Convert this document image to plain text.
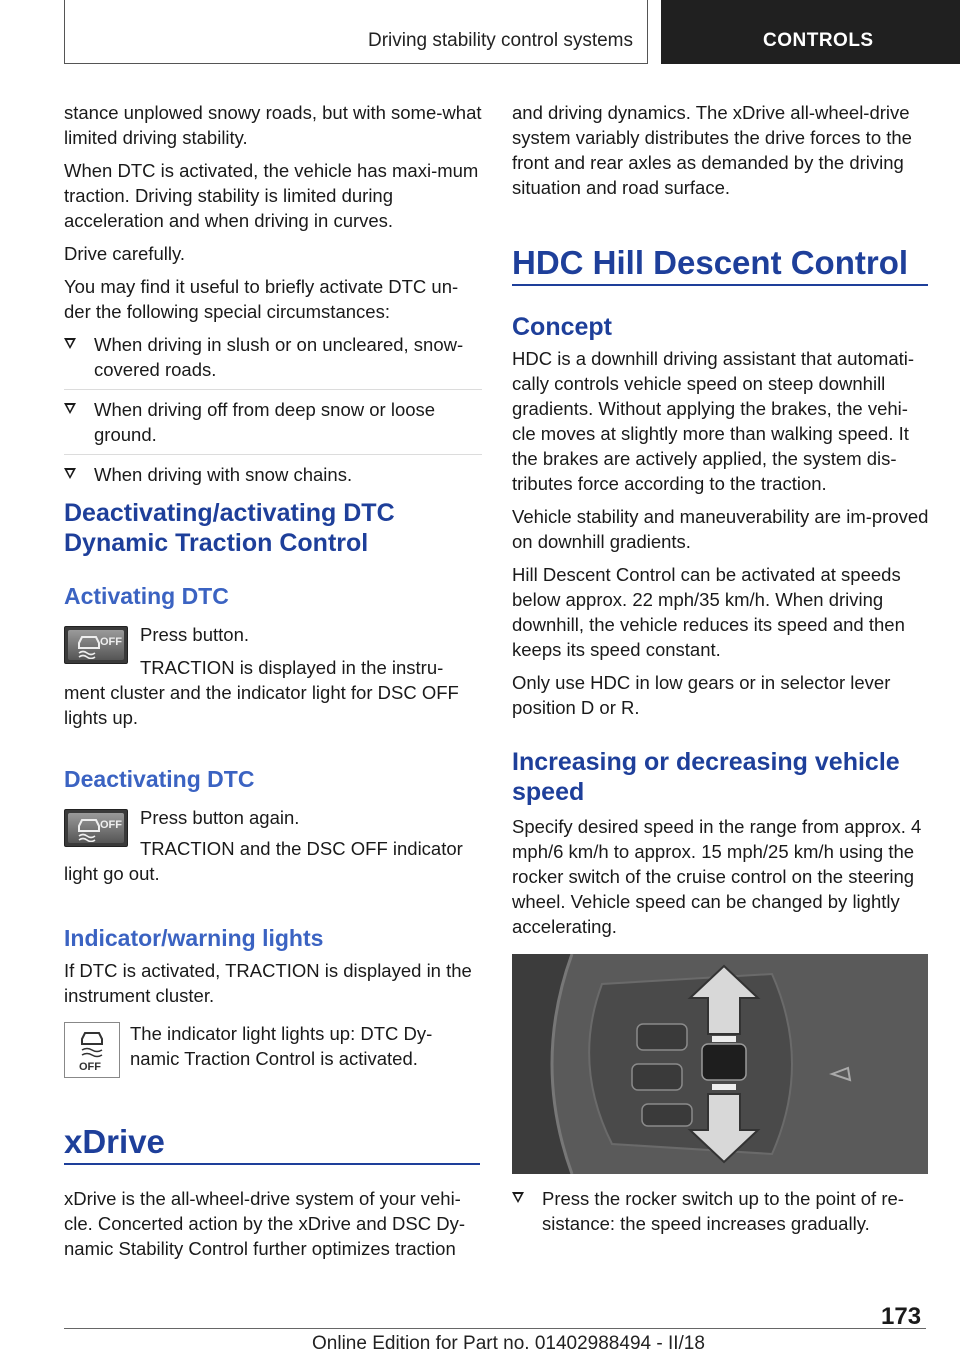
Driving stability control systems	CONTROLS

stance unplowed snowy roads, but with some-what limited driving stability.

When DTC is activated, the vehicle has maxi-mum traction. Driving stability is limited during acceleration and when driving in curves.

Drive carefully.

You may find it useful to briefly activate DTC un-der the following special circumstances:

When driving in slush or on uncleared, snow-covered roads.
When driving off from deep snow or loose ground.
When driving with snow chains.
Deactivating/activating DTC Dynamic Traction Control
Activating DTC
OFF Press button.

TRACTION is displayed in the instru-ment cluster and the indicator light for DSC OFF lights up.

Deactivating DTC
OFF Press button again.

TRACTION and the DSC OFF indicator light go out.

Indicator/warning lights

If DTC is activated, TRACTION is displayed in the instrument cluster.

OFF

The indicator light lights up: DTC Dy-namic Traction Control is activated.

xDrive

xDrive is the all-wheel-drive system of your vehi-cle. Concerted action by the xDrive and DSC Dy-namic Stability Control further optimizes traction

and driving dynamics. The xDrive all-wheel-drive system variably distributes the drive forces to the front and rear axles as demanded by the driving situation and road surface.

HDC Hill Descent Control
Concept

HDC is a downhill driving assistant that automati-cally controls vehicle speed on steep downhill gradients. Without applying the brakes, the vehi-cle moves at slightly more than walking speed. It the brakes are actively applied, the system dis-tributes force according to the traction.

Vehicle stability and maneuverability are im-proved on downhill gradients.

Hill Descent Control can be activated at speeds below approx. 22 mph/35 km/h. When driving downhill, the vehicle reduces its speed and then keeps its speed constant.

Only use HDC in low gears or in selector lever position D or R.

Increasing or decreasing vehicle speed

Specify desired speed in the range from approx. 4 mph/6 km/h to approx. 15 mph/25 km/h using the rocker switch of the cruise control on the steering wheel. Vehicle speed can be changed by lightly accelerating.

Press the rocker switch up to the point of re-sistance: the speed increases gradually.
173
Online Edition for Part no. 01402988494 - II/18
